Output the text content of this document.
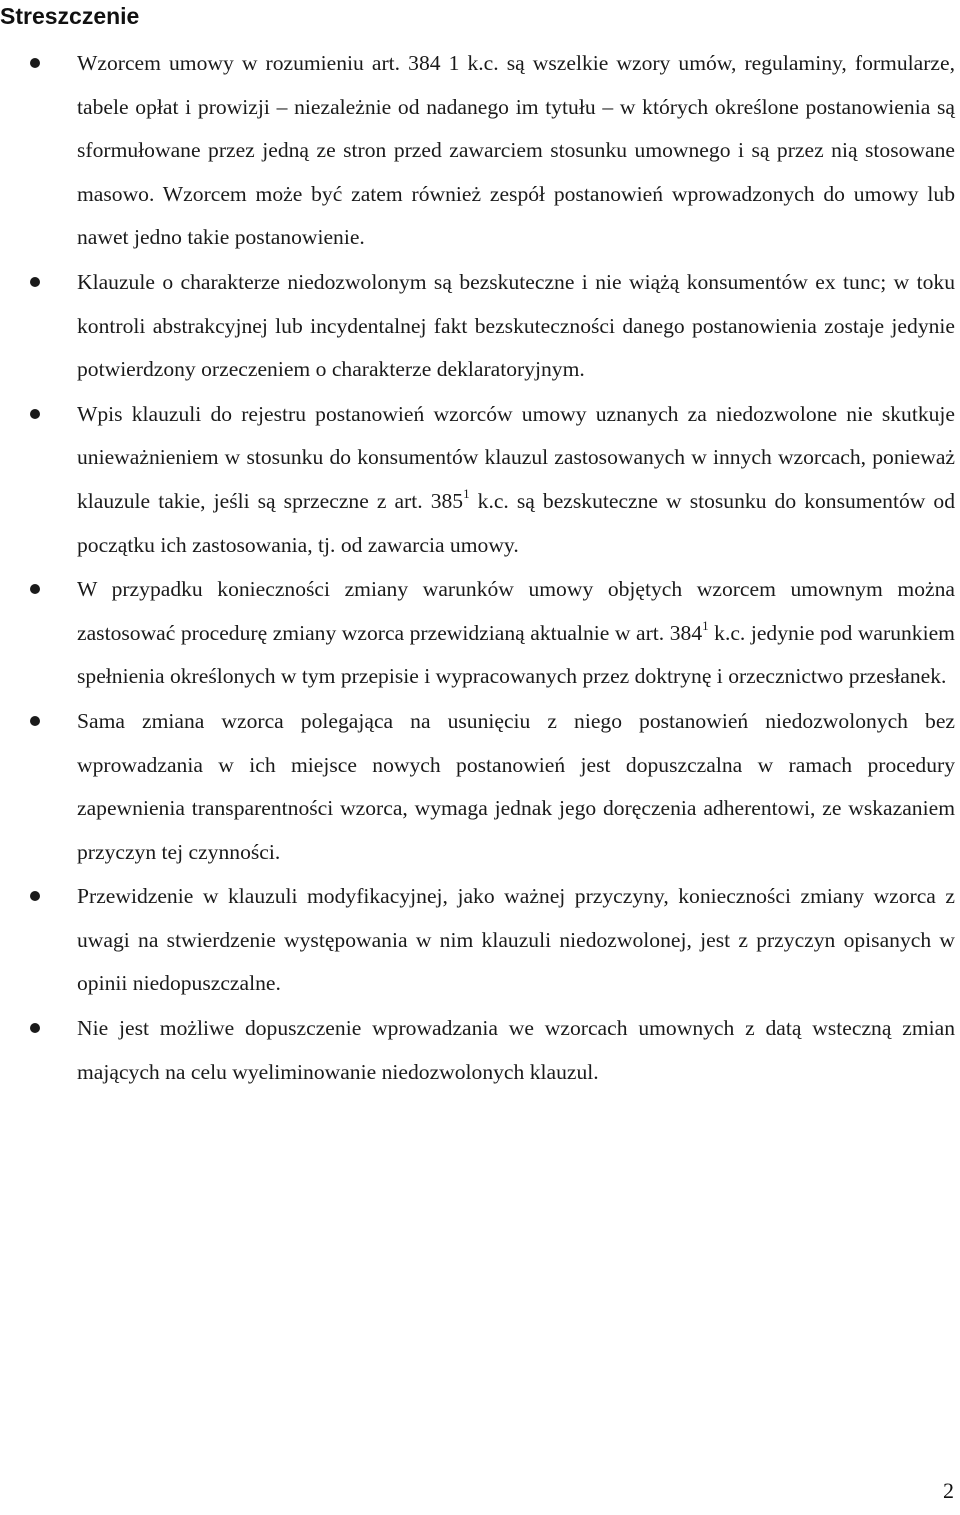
Streszczenie
Wzorcem umowy w rozumieniu art. 384 1 k.c. są wszelkie wzory umów, regulaminy, formularze, tabele opłat i prowizji – niezależnie od nadanego im tytułu – w których określone postanowienia są sformułowane przez jedną ze stron przed zawarciem stosunku umownego i są przez nią stosowane masowo. Wzorcem może być zatem również zespół postanowień wprowadzonych do umowy lub nawet jedno takie postanowienie.
Klauzule o charakterze niedozwolonym są bezskuteczne i nie wiążą konsumentów ex tunc; w toku kontroli abstrakcyjnej lub incydentalnej fakt bezskuteczności danego postanowienia zostaje jedynie potwierdzony orzeczeniem o charakterze deklaratoryjnym.
Wpis klauzuli do rejestru postanowień wzorców umowy uznanych za niedozwolone nie skutkuje unieważnieniem w stosunku do konsumentów klauzul zastosowanych w innych wzorcach, ponieważ klauzule takie, jeśli są sprzeczne z art. $385^1$ k.c. są bezskuteczne w stosunku do konsumentów od początku ich zastosowania, tj. od zawarcia umowy.
W przypadku konieczności zmiany warunków umowy objętych wzorcem umownym można zastosować procedurę zmiany wzorca przewidzianą aktualnie w art. $384^1$ k.c. jedynie pod warunkiem spełnienia określonych w tym przepisie i wypracowanych przez doktrynę i orzecznictwo przesłanek.
Sama zmiana wzorca polegająca na usunięciu z niego postanowień niedozwolonych bez wprowadzania w ich miejsce nowych postanowień jest dopuszczalna w ramach procedury zapewnienia transparentności wzorca, wymaga jednak jego doręczenia adherentowi, ze wskazaniem przyczyn tej czynności.
Przewidzenie w klauzuli modyfikacyjnej, jako ważnej przyczyny, konieczności zmiany wzorca z uwagi na stwierdzenie występowania w nim klauzuli niedozwolonej, jest z przyczyn opisanych w opinii niedopuszczalne.
Nie jest możliwe dopuszczenie wprowadzania we wzorcach umownych z datą wsteczną zmian mających na celu wyeliminowanie niedozwolonych klauzul.
2
